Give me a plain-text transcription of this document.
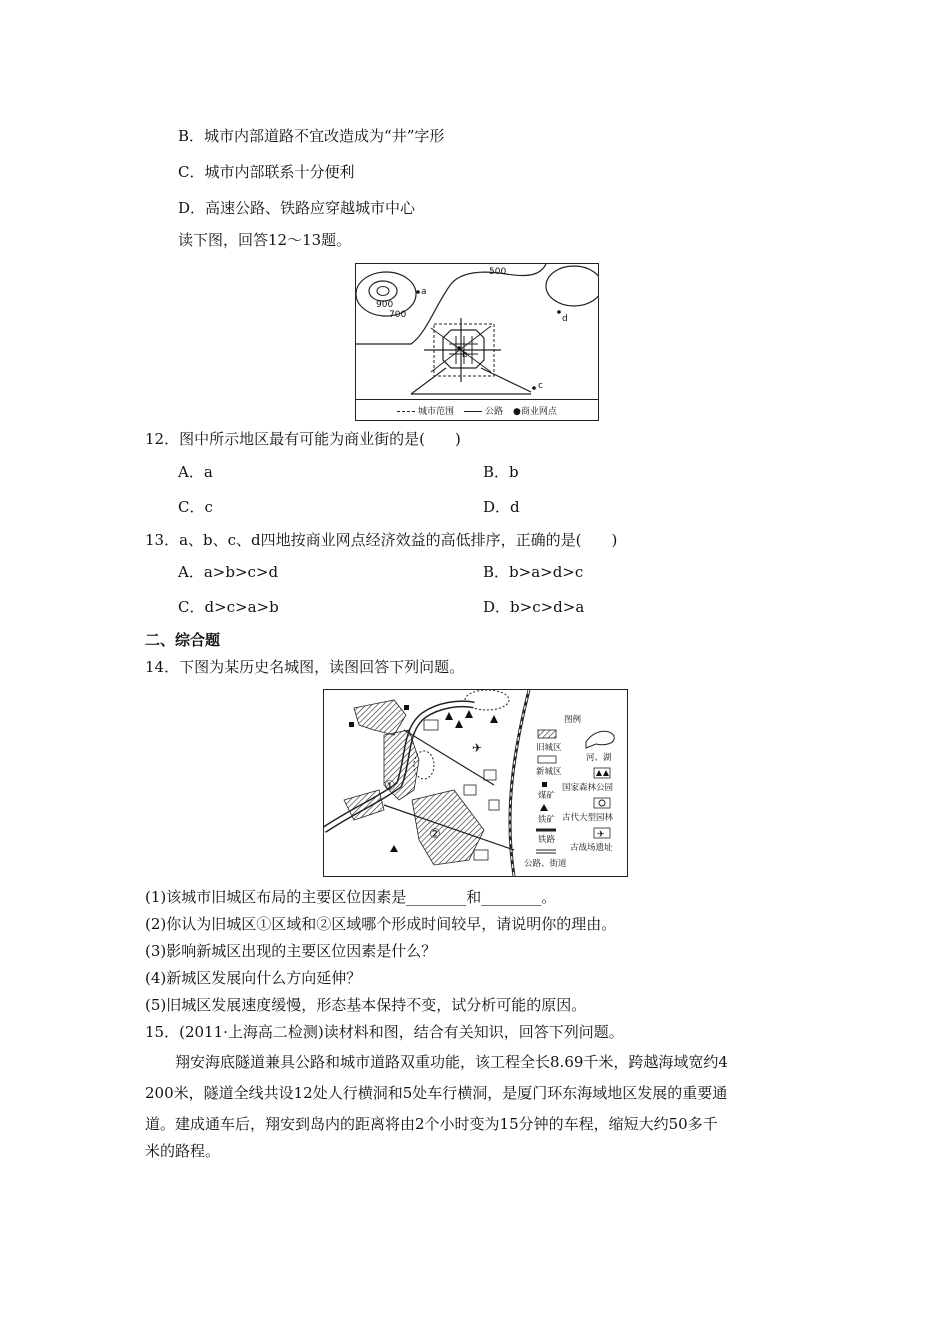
B．城市内部道路不宜改造成为“井”字形
C．城市内部联系十分便利
D．高速公路、铁路应穿越城市中心
读下图，回答12～13题。
500
900
700
a
b
c
d
城市范围	公路 ●商业网点
12．图中所示地区最有可能为商业街的是(　　)
A．a	B．b
C．c	D．d
13．a、b、c、d四地按商业网点经济效益的高低排序，正确的是(　　)
A．a>b>c>d	B．b>a>d>c
C．d>c>a>b	D．b>c>d>a
二、综合题
14．下图为某历史名城图，读图回答下列问题。
✈
①
②
图例
旧城区
新城区
煤矿
铁矿
铁路
公路、街道
河、湖
国家森林公园
古代大型园林
✈
古战场遗址
(1)该城市旧城区布局的主要区位因素是________和________。
(2)你认为旧城区①区域和②区域哪个形成时间较早，请说明你的理由。
(3)影响新城区出现的主要区位因素是什么？
(4)新城区发展向什么方向延伸？
(5)旧城区发展速度缓慢，形态基本保持不变，试分析可能的原因。
15．(2011·上海高二检测)读材料和图，结合有关知识，回答下列问题。
翔安海底隧道兼具公路和城市道路双重功能，该工程全长8.69千米，跨越海域宽约4
200米，隧道全线共设12处人行横洞和5处车行横洞，是厦门环东海域地区发展的重要通
道。建成通车后，翔安到岛内的距离将由2个小时变为15分钟的车程，缩短大约50多千
米的路程。
